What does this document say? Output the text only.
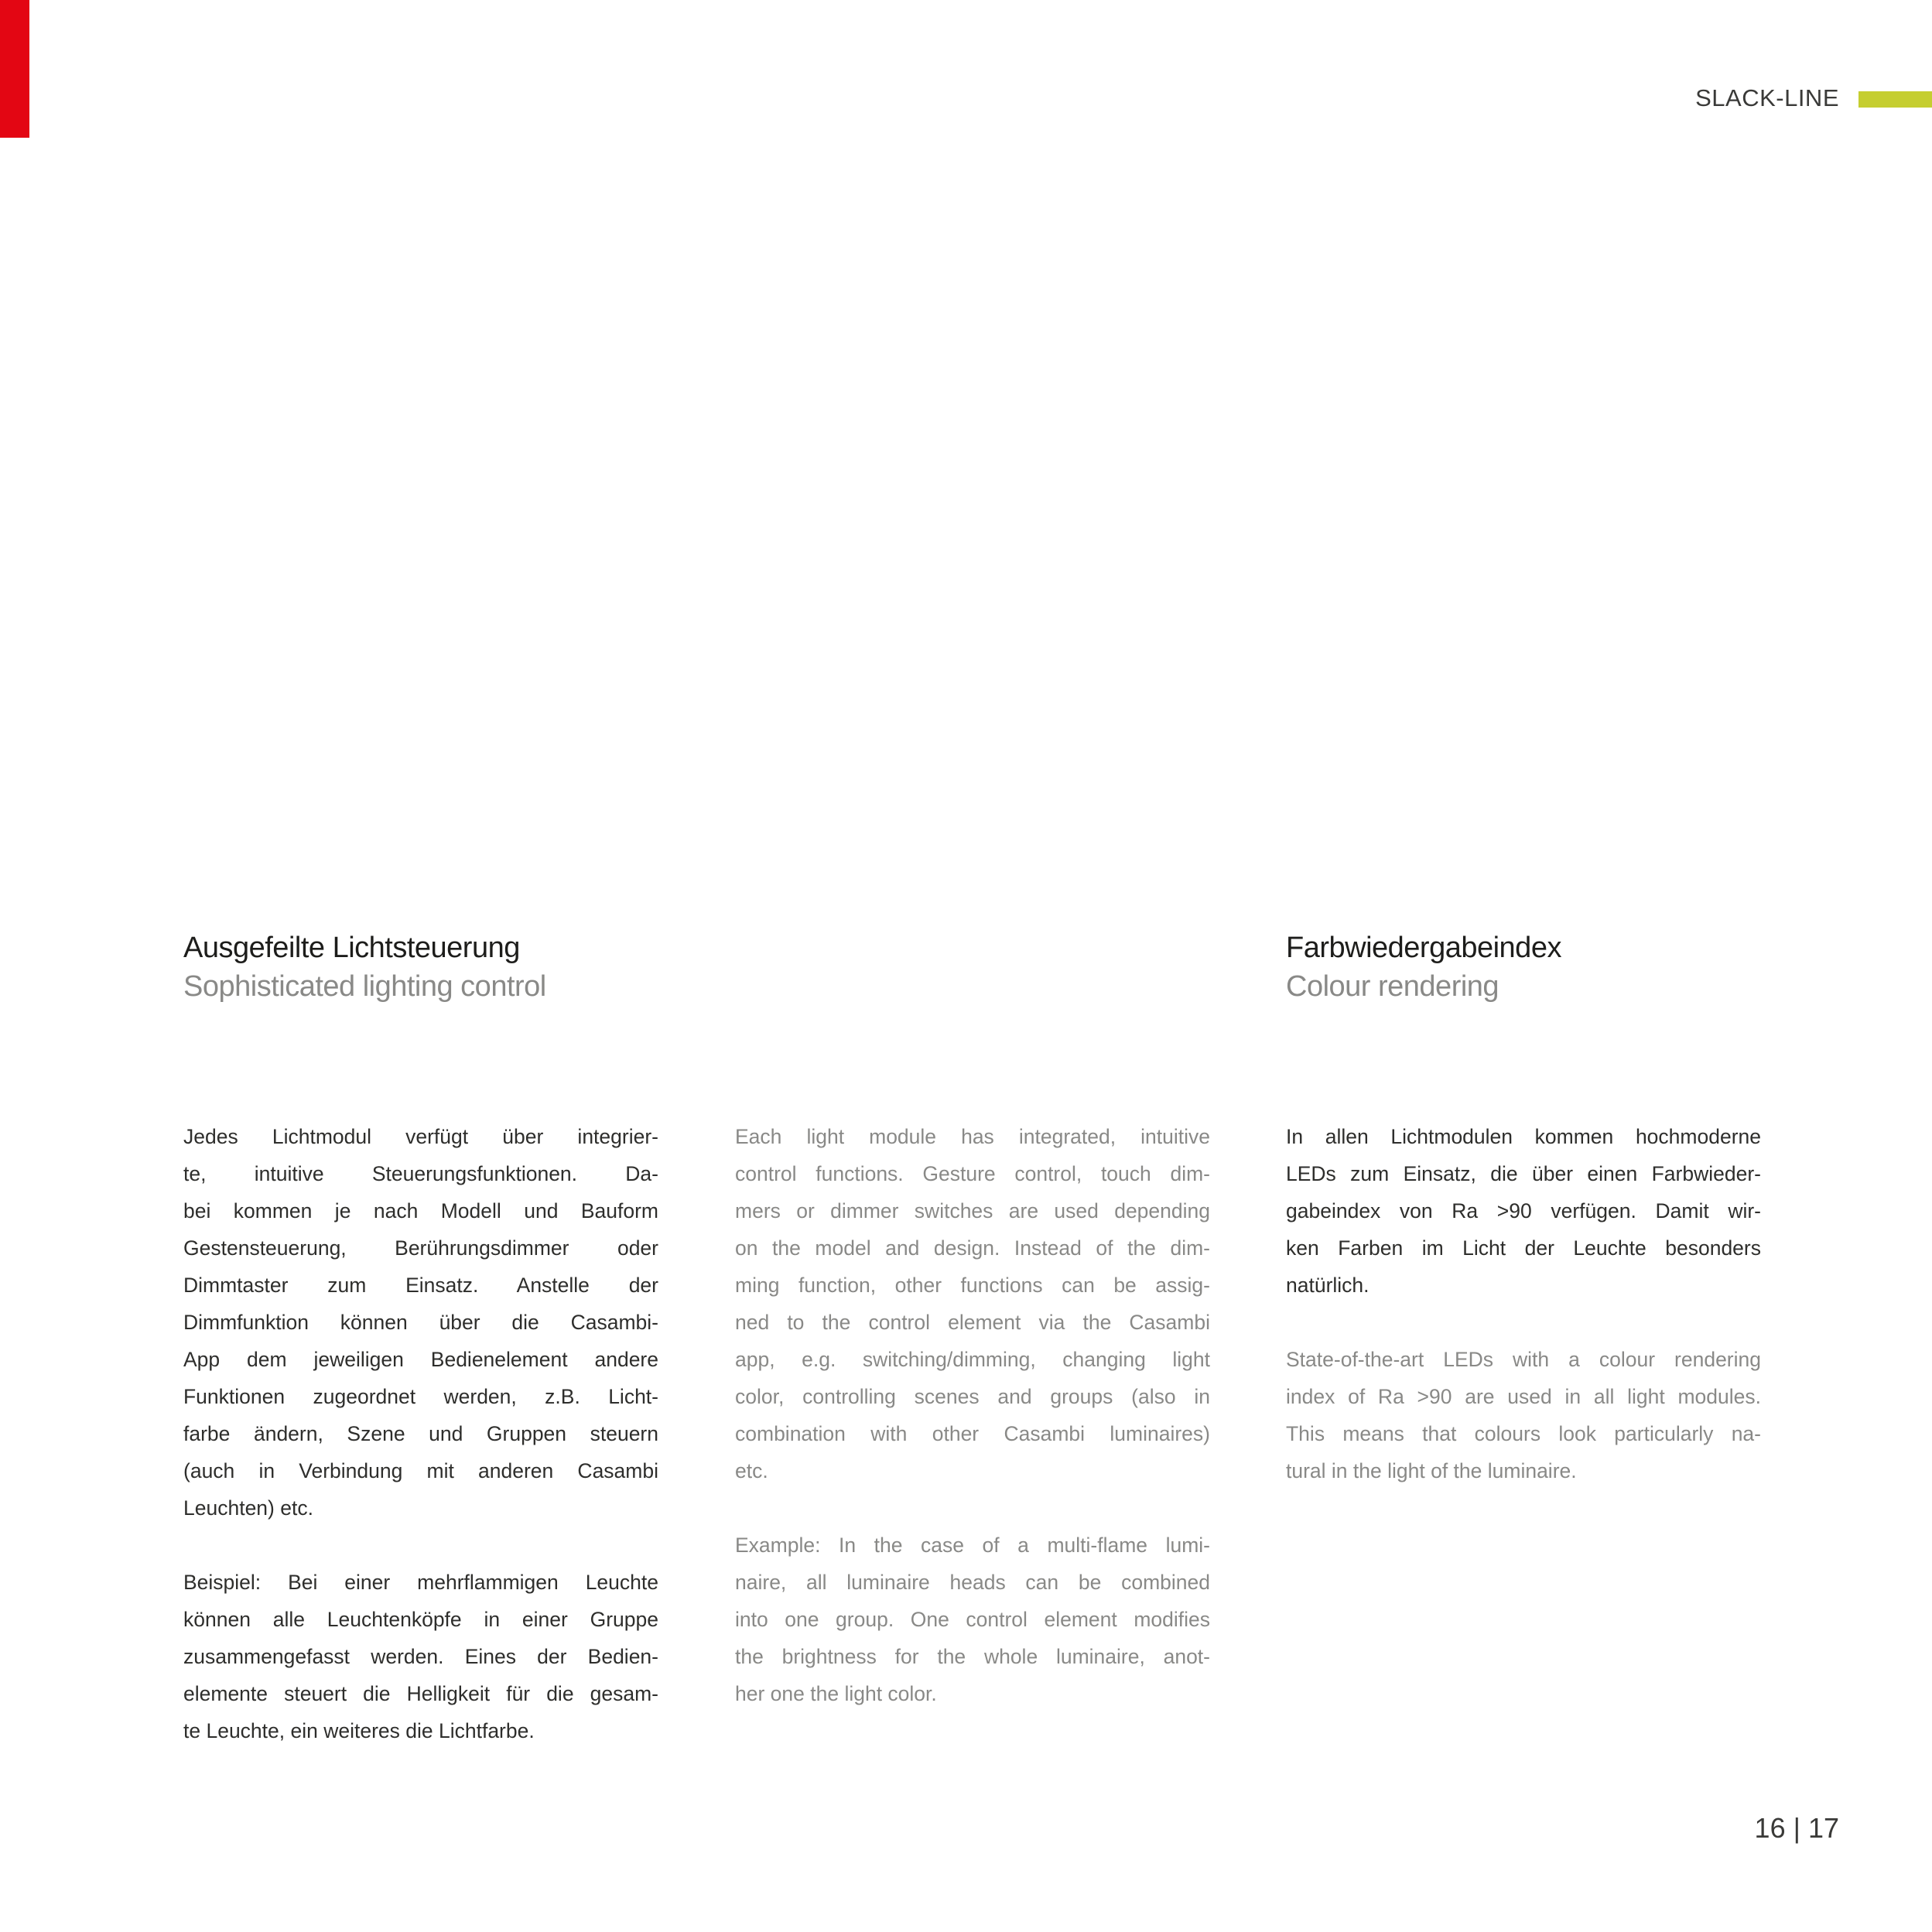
SLACK-LINE
Ausgefeilte Lichtsteuerung
Sophisticated lighting control
Farbwiedergabeindex
Colour rendering
Jedes Lichtmodul verfügt über integrier-
te, intuitive Steuerungsfunktionen. Da-
bei kommen je nach Modell und Bauform
Gestensteuerung, Berührungsdimmer oder
Dimmtaster zum Einsatz. Anstelle der
Dimmfunktion können über die Casambi-
App dem jeweiligen Bedienelement andere
Funktionen zugeordnet werden, z.B. Licht-
farbe ändern, Szene und Gruppen steuern
(auch in Verbindung mit anderen Casambi
Leuchten) etc.
Beispiel: Bei einer mehrflammigen Leuchte
können alle Leuchtenköpfe in einer Gruppe
zusammengefasst werden. Eines der Bedien-
elemente steuert die Helligkeit für die gesam-
te Leuchte, ein weiteres die Lichtfarbe.
Each light module has integrated, intuitive
control functions. Gesture control, touch dim-
mers or dimmer switches are used depending
on the model and design. Instead of the dim-
ming function, other functions can be assig-
ned to the control element via the Casambi
app, e.g. switching/dimming, changing light
color, controlling scenes and groups (also in
combination with other Casambi luminaires)
etc.
Example: In the case of a multi-flame lumi-
naire, all luminaire heads can be combined
into one group. One control element modifies
the brightness for the whole luminaire, anot-
her one the light color.
In allen Lichtmodulen kommen hochmoderne
LEDs zum Einsatz, die über einen Farbwieder-
gabeindex von Ra >90 verfügen. Damit wir-
ken Farben im Licht der Leuchte besonders
natürlich.
State-of-the-art LEDs with a colour rendering
index of Ra >90 are used in all light modules.
This means that colours look particularly na-
tural in the light of the luminaire.
16 | 17
